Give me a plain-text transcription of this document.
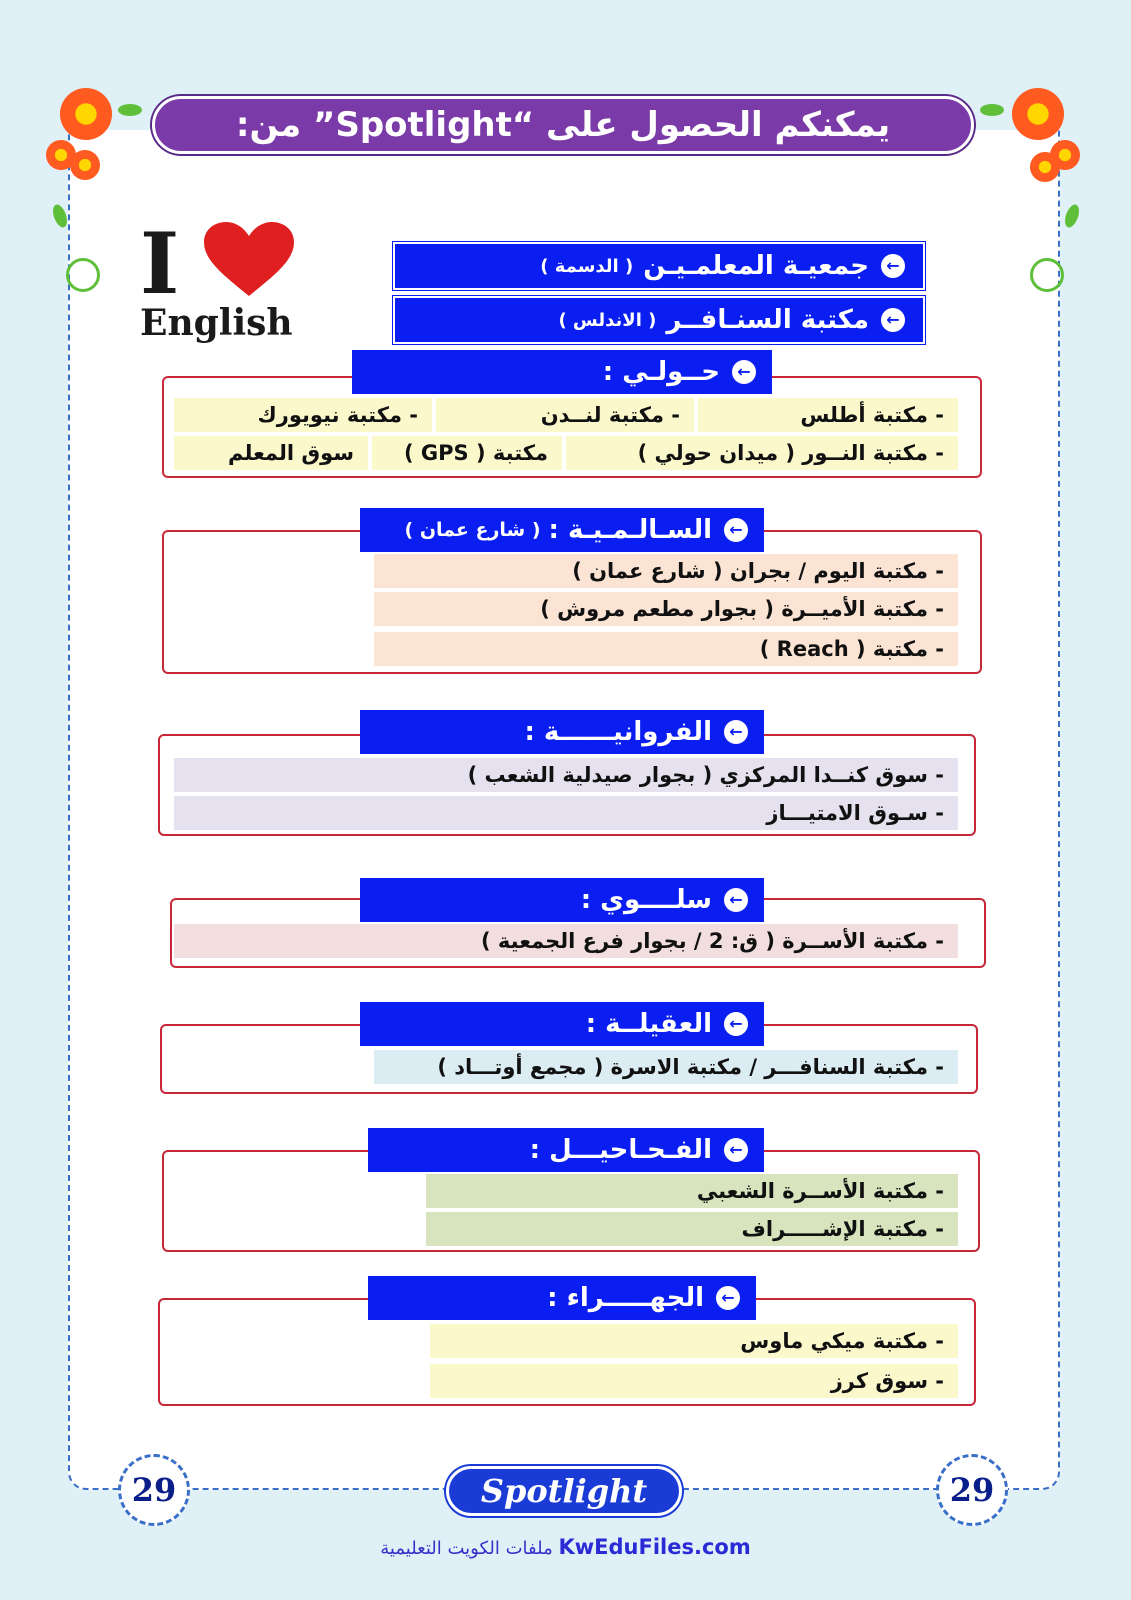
يمكنكم الحصول على “Spotlight” من:
I
English
←
جمعيـة المعلمـيـن
( الدسمة )
←
مكتبة السنـافــر
( الاندلس )
←
حــولـي :
- مكتبة أطلس
- مكتبة لنــدن
- مكتبة نيويورك
- مكتبة النــور ( ميدان حولي )
مكتبة ( GPS )
سوق المعلم
←
السـالـمـيـة :
( شارع عمان )
- مكتبة اليوم / بجران ( شارع عمان )
- مكتبة الأميــرة ( بجوار مطعم مروش )
- مكتبة ( Reach )
←
الفروانيــــــة :
- سوق كنــدا المركزي ( بجوار صيدلية الشعب )
- سـوق الامتيـــاز
←
سلــــوي :
- مكتبة الأســرة ( ق: 2 / بجوار فرع الجمعية )
←
العقيلــة :
- مكتبة السنافـــر / مكتبة الاسرة ( مجمع أوتـــاد )
←
الفـحـاحيـــل :
- مكتبة الأســرة الشعبي
- مكتبة الإشـــــراف
←
الجهـــــراء :
- مكتبة ميكي ماوس
- سوق كرز
29	29
Spotlight
ملفات الكويت التعليمية KwEduFiles.com
